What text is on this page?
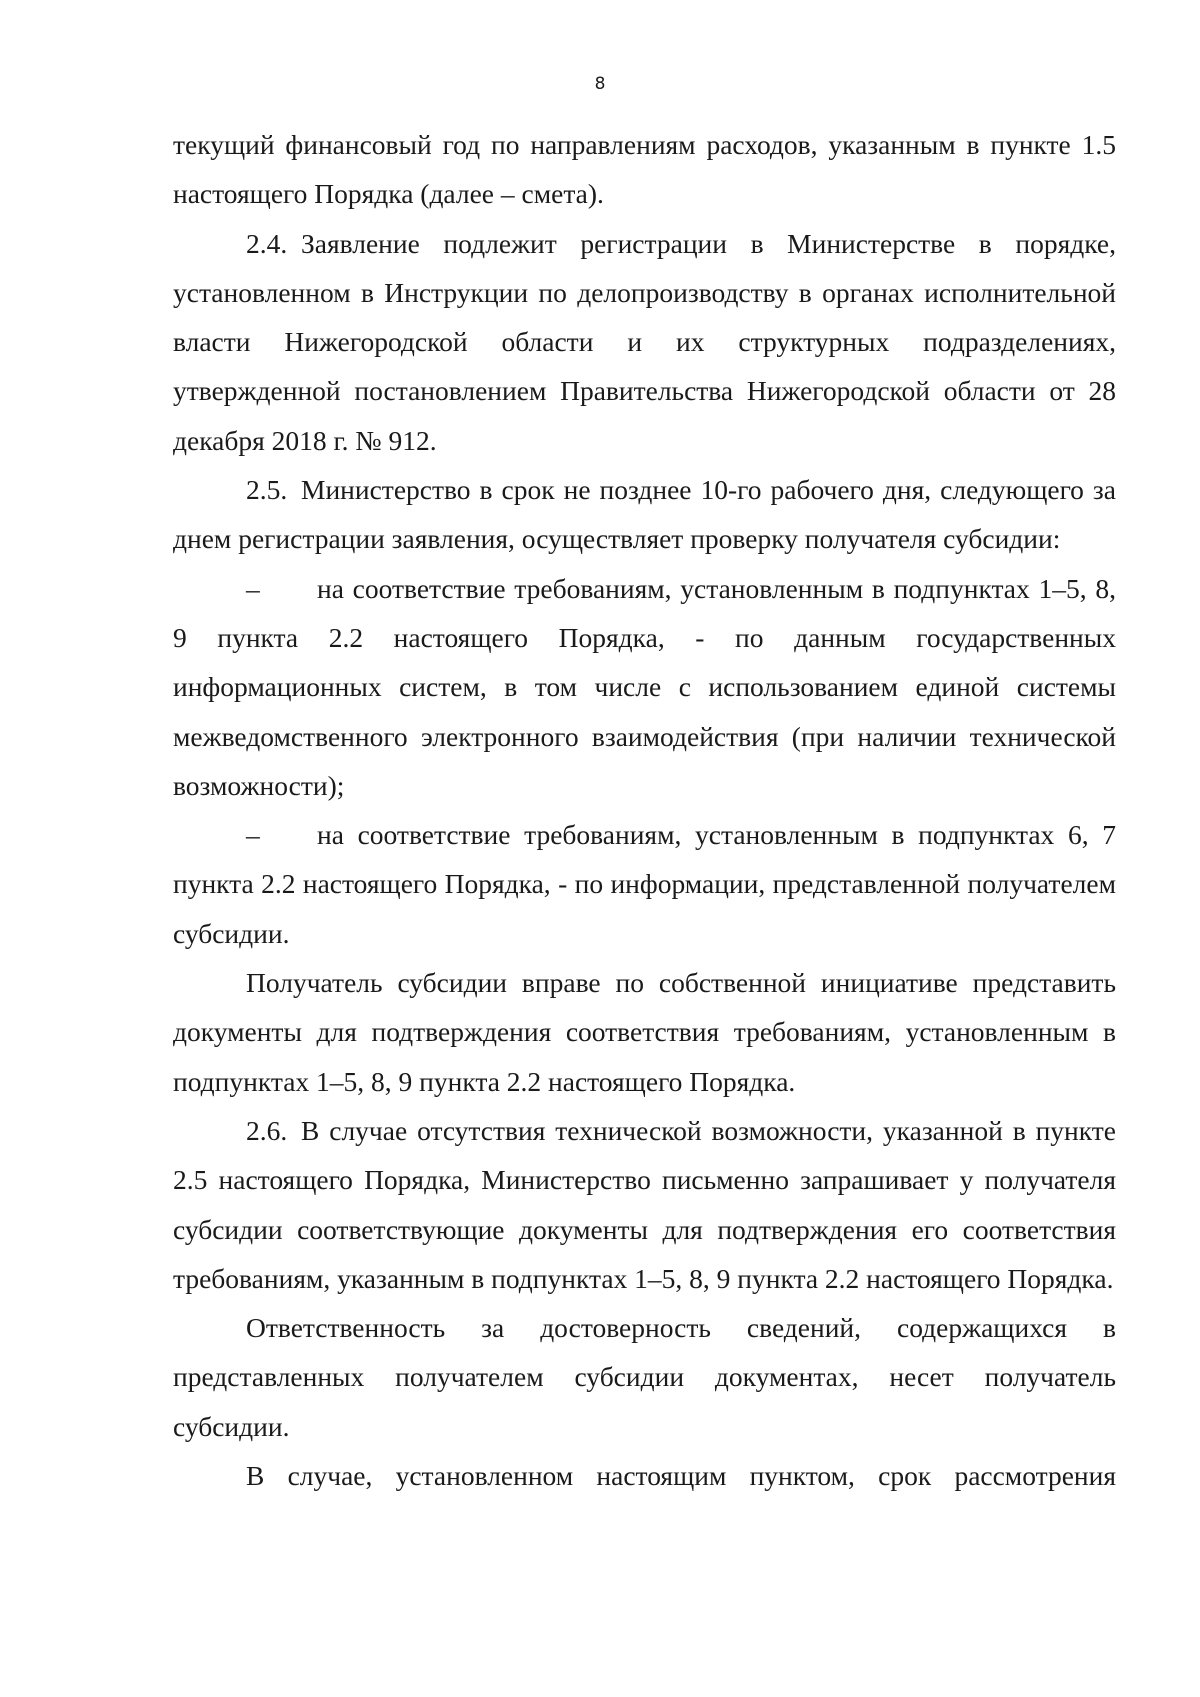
8

текущий финансовый год по направлениям расходов, указанным в пункте 1.5 настоящего Порядка (далее – смета).

2.4. Заявление подлежит регистрации в Министерстве в порядке, установленном в Инструкции по делопроизводству в органах исполнительной власти Нижегородской области и их структурных подразделениях, утвержденной постановлением Правительства Нижегородской области от 28 декабря 2018 г. № 912.

2.5. Министерство в срок не позднее 10-го рабочего дня, следующего за днем регистрации заявления, осуществляет проверку получателя субсидии:

– на соответствие требованиям, установленным в подпунктах 1–5, 8, 9 пункта 2.2 настоящего Порядка, - по данным государственных информационных систем, в том числе с использованием единой системы межведомственного электронного взаимодействия (при наличии технической возможности);

– на соответствие требованиям, установленным в подпунктах 6, 7 пункта 2.2 настоящего Порядка, - по информации, представленной получателем субсидии.

Получатель субсидии вправе по собственной инициативе представить документы для подтверждения соответствия требованиям, установленным в подпунктах 1–5, 8, 9 пункта 2.2 настоящего Порядка.

2.6. В случае отсутствия технической возможности, указанной в пункте 2.5 настоящего Порядка, Министерство письменно запрашивает у получателя субсидии соответствующие документы для подтверждения его соответствия требованиям, указанным в подпунктах 1–5, 8, 9 пункта 2.2 настоящего Порядка.

Ответственность за достоверность сведений, содержащихся в представленных получателем субсидии документах, несет получатель субсидии.

В случае, установленном настоящим пунктом, срок рассмотрения
